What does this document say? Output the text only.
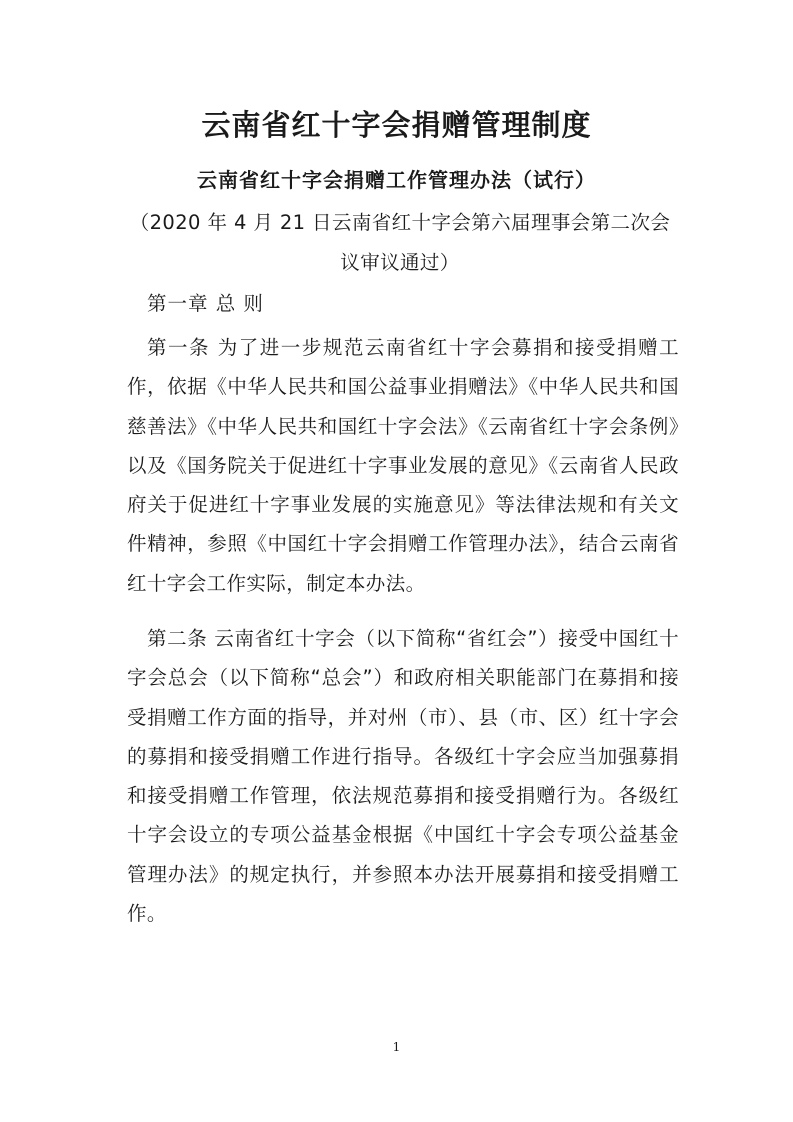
云南省红十字会捐赠管理制度
云南省红十字会捐赠工作管理办法（试行）
（2020 年 4 月 21 日云南省红十字会第六届理事会第二次会议审议通过）
第一章 总 则
第一条 为了进一步规范云南省红十字会募捐和接受捐赠工作，依据《中华人民共和国公益事业捐赠法》《中华人民共和国慈善法》《中华人民共和国红十字会法》《云南省红十字会条例》以及《国务院关于促进红十字事业发展的意见》《云南省人民政府关于促进红十字事业发展的实施意见》等法律法规和有关文件精神，参照《中国红十字会捐赠工作管理办法》，结合云南省红十字会工作实际，制定本办法。
第二条 云南省红十字会（以下简称“省红会”）接受中国红十字会总会（以下简称“总会”）和政府相关职能部门在募捐和接受捐赠工作方面的指导，并对州（市）、县（市、区）红十字会的募捐和接受捐赠工作进行指导。各级红十字会应当加强募捐和接受捐赠工作管理，依法规范募捐和接受捐赠行为。各级红十字会设立的专项公益基金根据《中国红十字会专项公益基金管理办法》的规定执行，并参照本办法开展募捐和接受捐赠工作。
1
